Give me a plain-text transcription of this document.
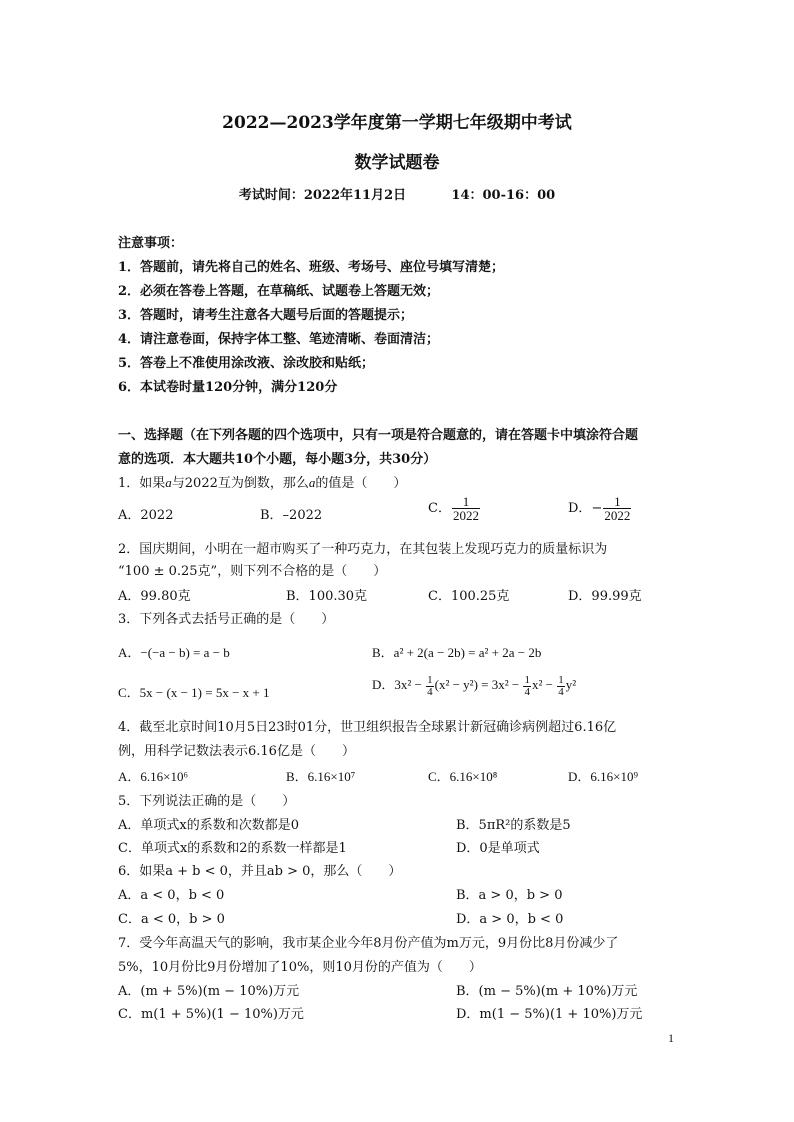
2022—2023学年度第一学期七年级期中考试
数学试题卷
考试时间：2022年11月2日          14：00-16：00
注意事项：
1．答题前，请先将自己的姓名、班级、考场号、座位号填写清楚；
2．必须在答卷上答题，在草稿纸、试题卷上答题无效；
3．答题时，请考生注意各大题号后面的答题提示；
4．请注意卷面，保持字体工整、笔迹清晰、卷面清洁；
5．答卷上不准使用涂改液、涂改胶和贴纸；
6．本试卷时量120分钟，满分120分
一、选择题（在下列各题的四个选项中，只有一项是符合题意的，请在答题卡中填涂符合题
意的选项．本大题共10个小题，每小题3分，共30分）
1．如果a与2022互为倒数，那么a的值是（　　）
A．2022	B．–2022	C． $\frac{1}{2022}$	D．− $\frac{1}{2022}$
2．国庆期间，小明在一超市购买了一种巧克力，在其包装上发现巧克力的质量标识为
“100 ± 0.25克”，则下列不合格的是（　　）
A．99.80克	B．100.30克	C．100.25克	D．99.99克
3．下列各式去括号正确的是（　　）
A．−(−a − b) = a − b	B．a² + 2(a − 2b) = a² + 2a − 2b
C．5x − (x − 1) = 5x − x + 1
D．$3x^2 - \frac{1}{4} (x^2 - y^2) = 3x^2 - \frac{1}{4} x^2 - \frac{1}{4} y^2$
4．截至北京时间10月5日23时01分，世卫组织报告全球累计新冠确诊病例超过6.16亿
例，用科学记数法表示6.16亿是（　　）
A．6.16×10⁶	B．6.16×10⁷	C．6.16×10⁸	D．6.16×10⁹
5．下列说法正确的是（　　）
A．单项式x的系数和次数都是0	B．5πR²的系数是5
C．单项式x的系数和2的系数一样都是1	D．0是单项式
6．如果a + b < 0，并且ab > 0，那么（　　）
A．a < 0，b < 0	B．a > 0，b > 0
C．a < 0，b > 0	D．a > 0，b < 0
7．受今年高温天气的影响，我市某企业今年8月份产值为m万元，9月份比8月份减少了
5%，10月份比9月份增加了10%，则10月份的产值为（　　）
A．(m + 5%)(m − 10%)万元	B．(m − 5%)(m + 10%)万元
C．m(1 + 5%)(1 − 10%)万元	D．m(1 − 5%)(1 + 10%)万元
1
